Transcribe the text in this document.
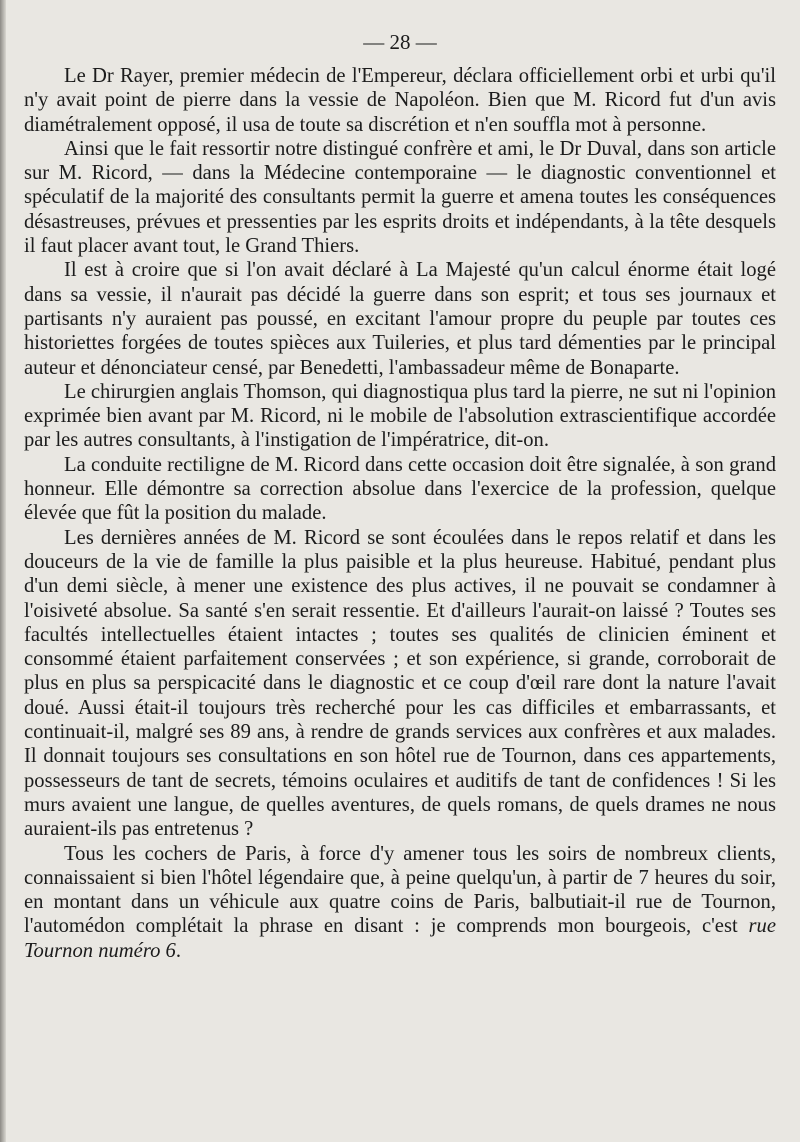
— 28 —

Le Dr Rayer, premier médecin de l'Empereur, déclara officiellement orbi et urbi qu'il n'y avait point de pierre dans la vessie de Napoléon. Bien que M. Ricord fut d'un avis diamétralement opposé, il usa de toute sa discrétion et n'en souffla mot à personne.

Ainsi que le fait ressortir notre distingué confrère et ami, le Dr Duval, dans son article sur M. Ricord, — dans la Médecine contemporaine — le diagnostic conventionnel et spéculatif de la majorité des consultants permit la guerre et amena toutes les conséquences désastreuses, prévues et pressenties par les esprits droits et indépendants, à la tête desquels il faut placer avant tout, le Grand Thiers.

Il est à croire que si l'on avait déclaré à La Majesté qu'un calcul énorme était logé dans sa vessie, il n'aurait pas décidé la guerre dans son esprit; et tous ses journaux et partisants n'y auraient pas poussé, en excitant l'amour propre du peuple par toutes ces historiettes forgées de toutes spièces aux Tuileries, et plus tard démenties par le principal auteur et dénonciateur censé, par Benedetti, l'ambassadeur même de Bonaparte.

Le chirurgien anglais Thomson, qui diagnostiqua plus tard la pierre, ne sut ni l'opinion exprimée bien avant par M. Ricord, ni le mobile de l'absolution extrascientifique accordée par les autres consultants, à l'instigation de l'impératrice, dit-on.

La conduite rectiligne de M. Ricord dans cette occasion doit être signalée, à son grand honneur. Elle démontre sa correction absolue dans l'exercice de la profession, quelque élevée que fût la position du malade.

Les dernières années de M. Ricord se sont écoulées dans le repos relatif et dans les douceurs de la vie de famille la plus paisible et la plus heureuse. Habitué, pendant plus d'un demi siècle, à mener une existence des plus actives, il ne pouvait se condamner à l'oisiveté absolue. Sa santé s'en serait ressentie. Et d'ailleurs l'aurait-on laissé ? Toutes ses facultés intellectuelles étaient intactes ; toutes ses qualités de clinicien éminent et consommé étaient parfaitement conservées ; et son expérience, si grande, corroborait de plus en plus sa perspicacité dans le diagnostic et ce coup d'œil rare dont la nature l'avait doué. Aussi était-il toujours très recherché pour les cas difficiles et embarrassants, et continuait-il, malgré ses 89 ans, à rendre de grands services aux confrères et aux malades. Il donnait toujours ses consultations en son hôtel rue de Tournon, dans ces appartements, possesseurs de tant de secrets, témoins oculaires et auditifs de tant de confidences ! Si les murs avaient une langue, de quelles aventures, de quels romans, de quels drames ne nous auraient-ils pas entretenus ?

Tous les cochers de Paris, à force d'y amener tous les soirs de nombreux clients, connaissaient si bien l'hôtel légendaire que, à peine quelqu'un, à partir de 7 heures du soir, en montant dans un véhicule aux quatre coins de Paris, balbutiait-il rue de Tournon, l'automédon complétait la phrase en disant : je comprends mon bourgeois, c'est rue Tournon numéro 6.
